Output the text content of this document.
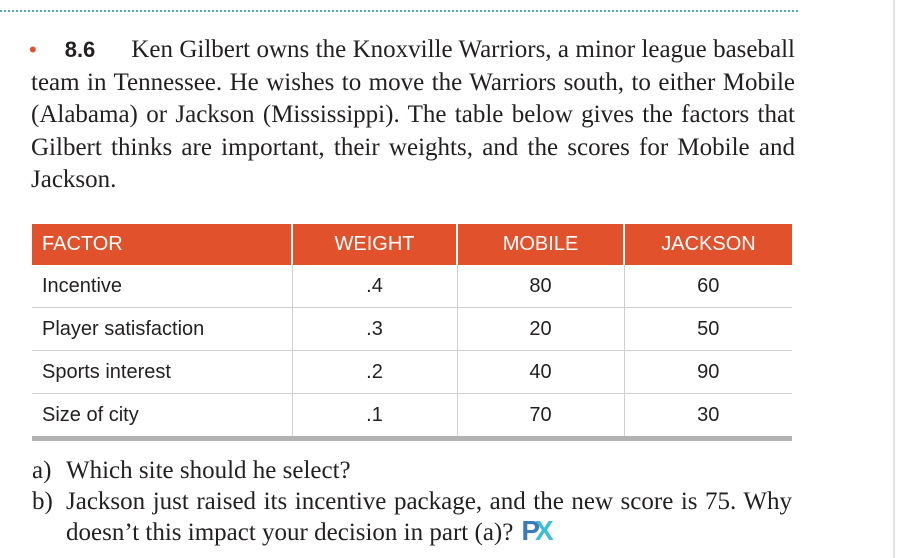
• 8.6 Ken Gilbert owns the Knoxville Warriors, a minor league baseball team in Tennessee. He wishes to move the Warriors south, to either Mobile (Alabama) or Jackson (Mississippi). The table below gives the factors that Gilbert thinks are important, their weights, and the scores for Mobile and Jackson.
FACTOR	WEIGHT	MOBILE	JACKSON
Incentive	.4	80	60
Player satisfaction	.3	20	50
Sports interest	.2	40	90
Size of city	.1	70	30
a) Which site should he select?
b) Jackson just raised its incentive package, and the new score is 75. Why doesn’t this impact your decision in part (a)? PX
